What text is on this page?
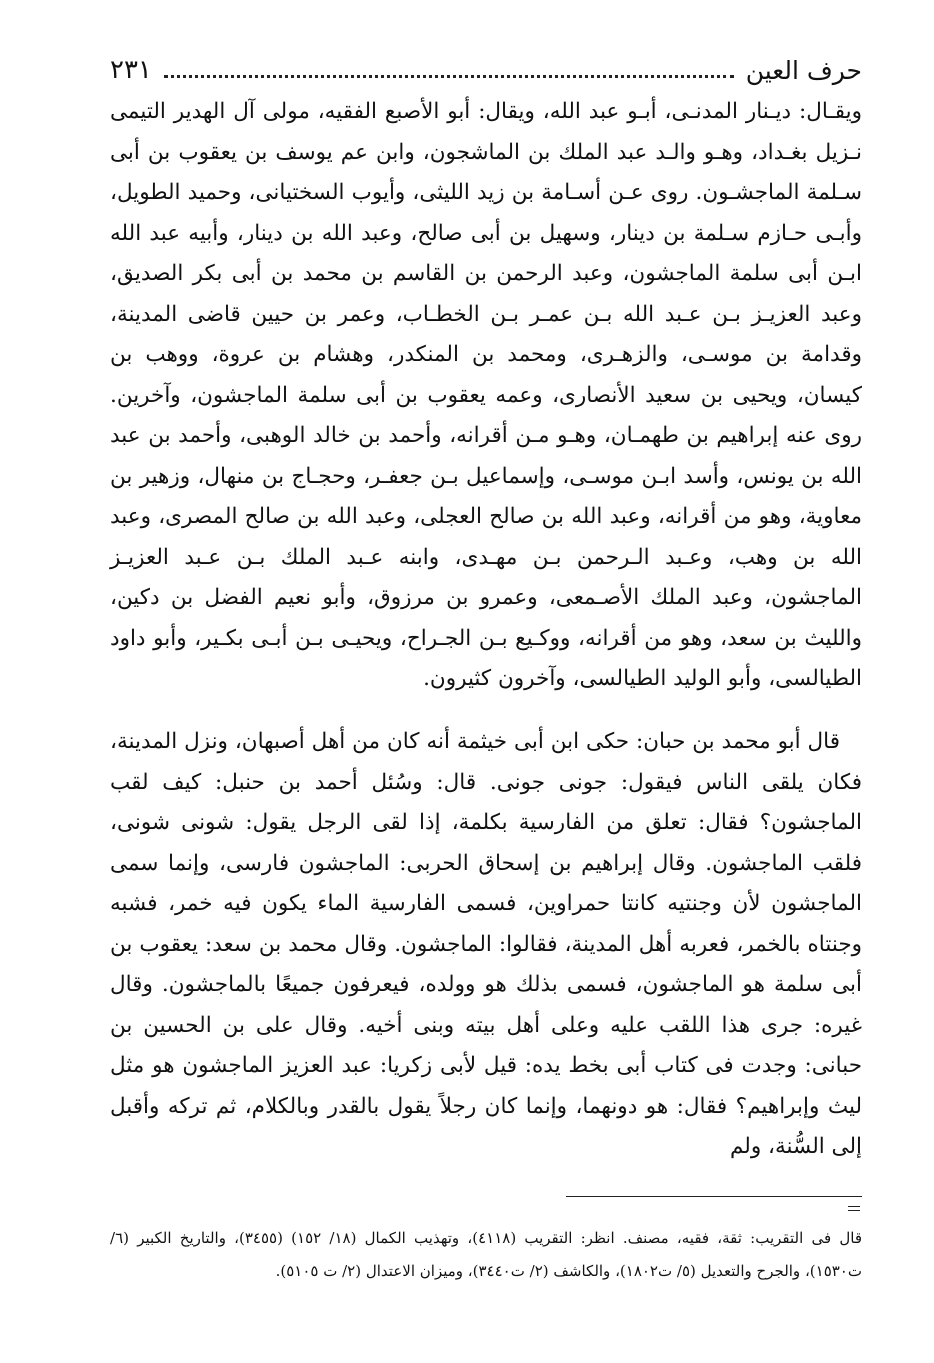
حرف العين
٢٣١

ويقـال: ديـنار المدنـى، أبـو عبد الله، ويقال: أبو الأصبع الفقيه، مولى آل الهدير التيمى نـزيل بغـداد، وهـو والـد عبد الملك بن الماشجون، وابن عم يوسف بن يعقوب بن أبى سـلمة الماجشـون. روى عـن أسـامة بن زيد الليثى، وأيوب السختيانى، وحميد الطويل، وأبـى حـازم سـلمة بن دينار، وسهيل بن أبى صالح، وعبد الله بن دينار، وأبيه عبد الله ابـن أبى سلمة الماجشون، وعبد الرحمن بن القاسم بن محمد بن أبى بكر الصديق، وعبد العزيـز بـن عـبد الله بـن عمـر بـن الخطـاب، وعمر بن حيين قاضى المدينة، وقدامة بن موسـى، والزهـرى، ومحمد بن المنكدر، وهشام بن عروة، ووهب بن كيسان، ويحيى بن سعيد الأنصارى، وعمه يعقوب بن أبى سلمة الماجشون، وآخرين. روى عنه إبراهيم بن طهمـان، وهـو مـن أقرانه، وأحمد بن خالد الوهبى، وأحمد بن عبد الله بن يونس، وأسد ابـن موسـى، وإسماعيل بـن جعفـر، وحجـاج بن منهال، وزهير بن معاوية، وهو من أقرانه، وعبد الله بن صالح العجلى، وعبد الله بن صالح المصرى، وعبد الله بن وهب، وعـبد الـرحمن بـن مهـدى، وابنه عـبد الملك بـن عـبد العزيـز الماجشون، وعبد الملك الأصـمعى، وعمرو بن مرزوق، وأبو نعيم الفضل بن دكين، والليث بن سعد، وهو من أقرانه، ووكـيع بـن الجـراح، ويحيـى بـن أبـى بكـير، وأبو داود الطيالسى، وأبو الوليد الطيالسى، وآخرون كثيرون.

قال أبو محمد بن حبان: حكى ابن أبى خيثمة أنه كان من أهل أصبهان، ونزل المدينة، فكان يلقى الناس فيقول: جونى جونى. قال: وسُئل أحمد بن حنبل: كيف لقب الماجشون؟ فقال: تعلق من الفارسية بكلمة، إذا لقى الرجل يقول: شونى شونى، فلقب الماجشون. وقال إبراهيم بن إسحاق الحربى: الماجشون فارسى، وإنما سمى الماجشون لأن وجنتيه كانتا حمراوين، فسمى الفارسية الماء يكون فيه خمر، فشبه وجنتاه بالخمر، فعربه أهل المدينة، فقالوا: الماجشون. وقال محمد بن سعد: يعقوب بن أبى سلمة هو الماجشون، فسمى بذلك هو وولده، فيعرفون جميعًا بالماجشون. وقال غيره: جرى هذا اللقب عليه وعلى أهل بيته وبنى أخيه. وقال على بن الحسين بن حبانى: وجدت فى كتاب أبى بخط يده: قيل لأبى زكريا: عبد العزيز الماجشون هو مثل ليث وإبراهيم؟ فقال: هو دونهما، وإنما كان رجلاً يقول بالقدر وبالكلام، ثم تركه وأقبل إلى السُّنة، ولم

قال فى التقريب: ثقة، فقيه، مصنف. انظر: التقريب (٤١١٨)، وتهذيب الكمال (١٨/ ١٥٢) (٣٤٥٥)، والتاريخ الكبير (٦/ ت١٥٣٠)، والجرح والتعديل (٥/ ت١٨٠٢)، والكاشف (٢/ ت٣٤٤٠)، وميزان الاعتدال (٢/ ت ٥١٠٥).
